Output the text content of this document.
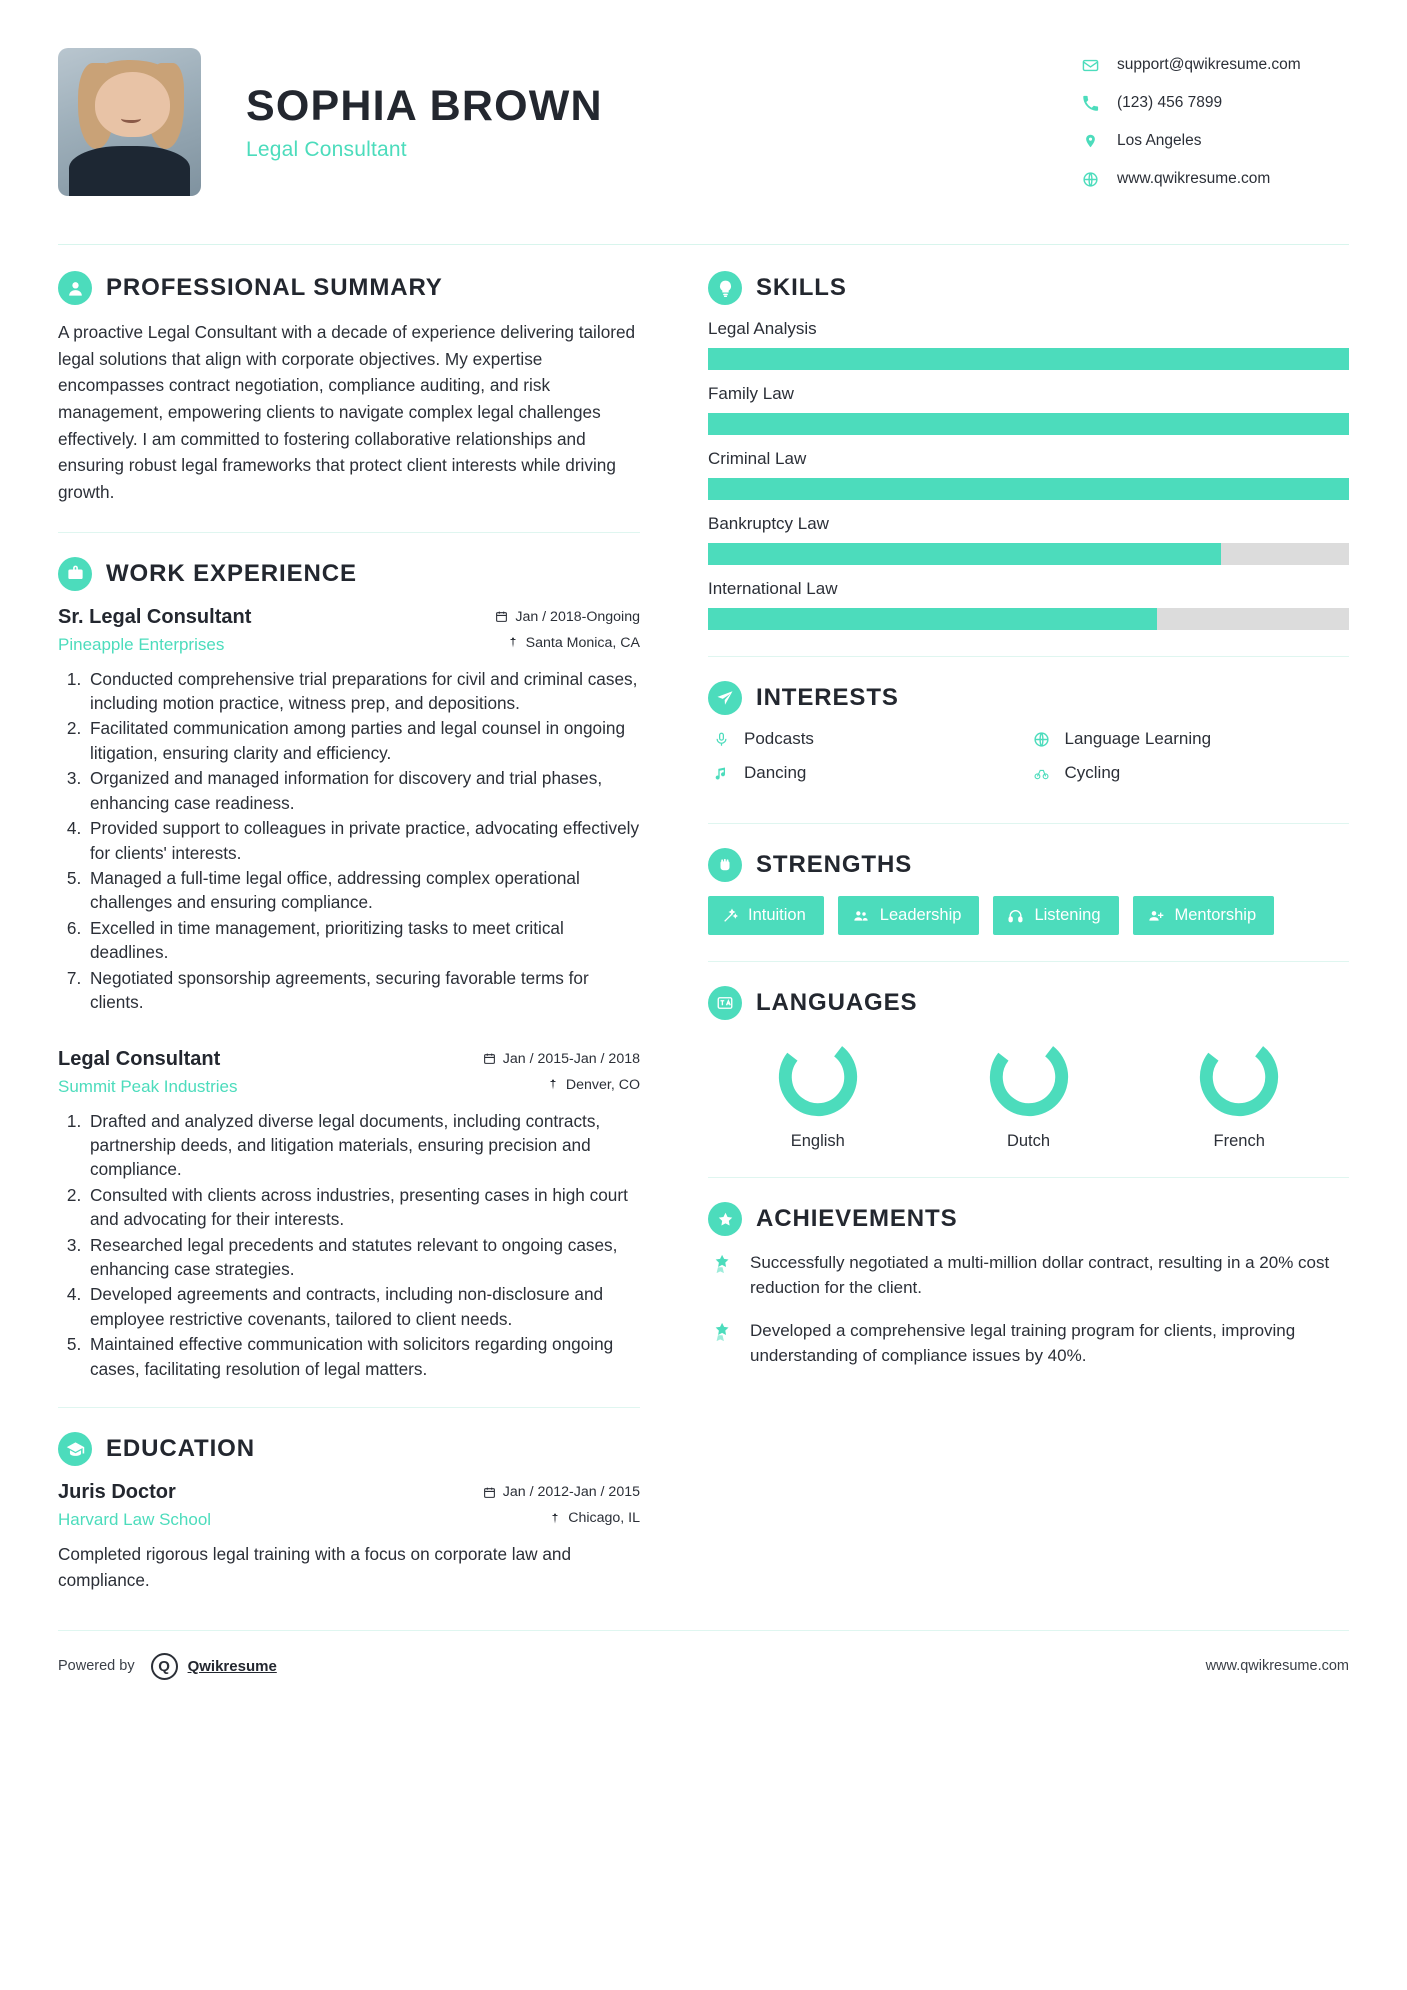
SOPHIA BROWN
Legal Consultant
support@qwikresume.com
(123) 456 7899
Los Angeles
www.qwikresume.com
PROFESSIONAL SUMMARY
A proactive Legal Consultant with a decade of experience delivering tailored legal solutions that align with corporate objectives. My expertise encompasses contract negotiation, compliance auditing, and risk management, empowering clients to navigate complex legal challenges effectively. I am committed to fostering collaborative relationships and ensuring robust legal frameworks that protect client interests while driving growth.
WORK EXPERIENCE
Sr. Legal Consultant
Pineapple Enterprises
Jan / 2018-Ongoing
Santa Monica, CA
1. Conducted comprehensive trial preparations for civil and criminal cases, including motion practice, witness prep, and depositions.
2. Facilitated communication among parties and legal counsel in ongoing litigation, ensuring clarity and efficiency.
3. Organized and managed information for discovery and trial phases, enhancing case readiness.
4. Provided support to colleagues in private practice, advocating effectively for clients' interests.
5. Managed a full-time legal office, addressing complex operational challenges and ensuring compliance.
6. Excelled in time management, prioritizing tasks to meet critical deadlines.
7. Negotiated sponsorship agreements, securing favorable terms for clients.
Legal Consultant
Summit Peak Industries
Jan / 2015-Jan / 2018
Denver, CO
1. Drafted and analyzed diverse legal documents, including contracts, partnership deeds, and litigation materials, ensuring precision and compliance.
2. Consulted with clients across industries, presenting cases in high court and advocating for their interests.
3. Researched legal precedents and statutes relevant to ongoing cases, enhancing case strategies.
4. Developed agreements and contracts, including non-disclosure and employee restrictive covenants, tailored to client needs.
5. Maintained effective communication with solicitors regarding ongoing cases, facilitating resolution of legal matters.
EDUCATION
Juris Doctor
Harvard Law School
Jan / 2012-Jan / 2015
Chicago, IL
Completed rigorous legal training with a focus on corporate law and compliance.
SKILLS
Legal Analysis
Family Law
Criminal Law
Bankruptcy Law
International Law
INTERESTS
Podcasts	Language Learning
Dancing	Cycling
STRENGTHS
Intuition	Leadership	Listening	Mentorship
LANGUAGES
English	Dutch	French
ACHIEVEMENTS
Successfully negotiated a multi-million dollar contract, resulting in a 20% cost reduction for the client.
Developed a comprehensive legal training program for clients, improving understanding of compliance issues by 40%.
Powered by Q Qwikresume	www.qwikresume.com
